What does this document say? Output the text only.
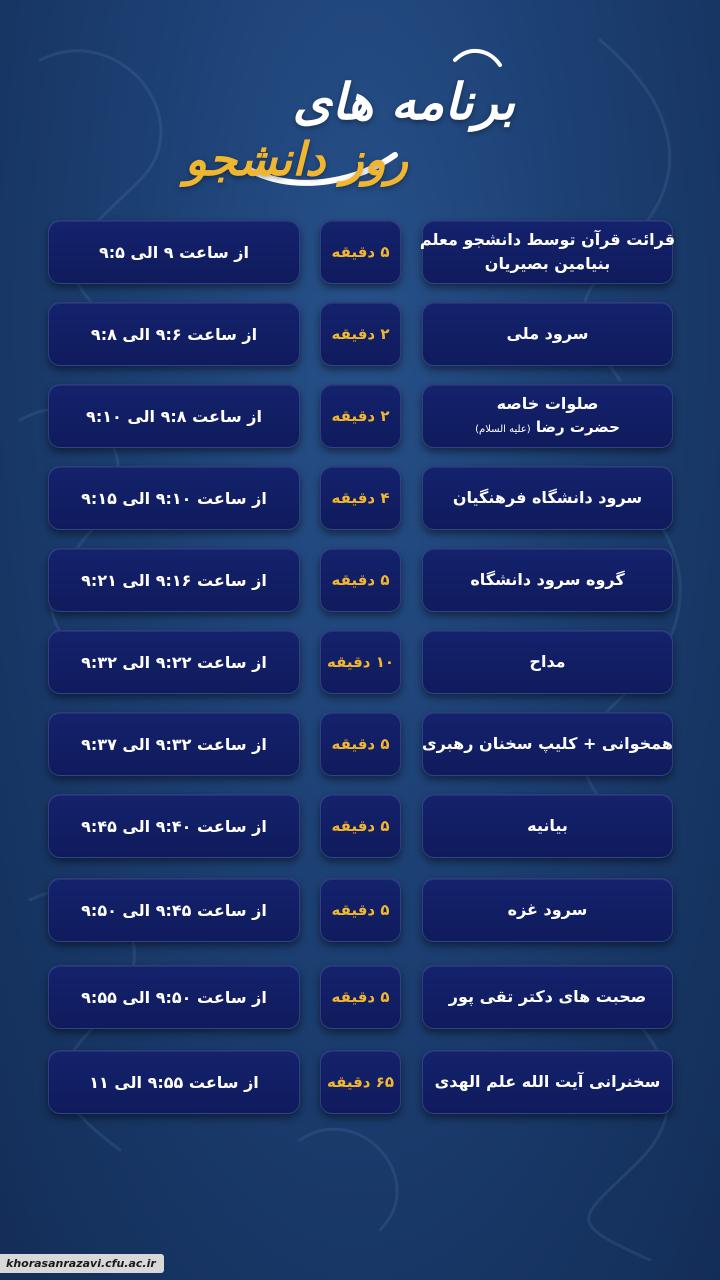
برنامه های
روز دانشجو
قرائت قرآن توسط دانشجو معلم
بنیامین بصیریان
۵ دقیقه
از ساعت ۹ الی ۹:۵
سرود ملی
۲ دقیقه
از ساعت ۹:۶ الی ۹:۸
صلوات خاصه
حضرت رضا (علیه السلام)
۲ دقیقه
از ساعت ۹:۸ الی ۹:۱۰
سرود دانشگاه فرهنگیان
۴ دقیقه
از ساعت ۹:۱۰ الی ۹:۱۵
گروه سرود دانشگاه
۵ دقیقه
از ساعت ۹:۱۶ الی ۹:۲۱
مداح
۱۰ دقیقه
از ساعت ۹:۲۲ الی ۹:۳۲
همخوانی + کلیپ سخنان رهبری
۵ دقیقه
از ساعت ۹:۳۲ الی ۹:۳۷
بیانیه
۵ دقیقه
از ساعت ۹:۴۰ الی ۹:۴۵
سرود غزه
۵ دقیقه
از ساعت ۹:۴۵ الی ۹:۵۰
صحبت های دکتر تقی پور
۵ دقیقه
از ساعت ۹:۵۰ الی ۹:۵۵
سخنرانی آیت الله علم الهدی
۶۵ دقیقه
از ساعت ۹:۵۵ الی ۱۱
khorasanrazavi.cfu.ac.ir
